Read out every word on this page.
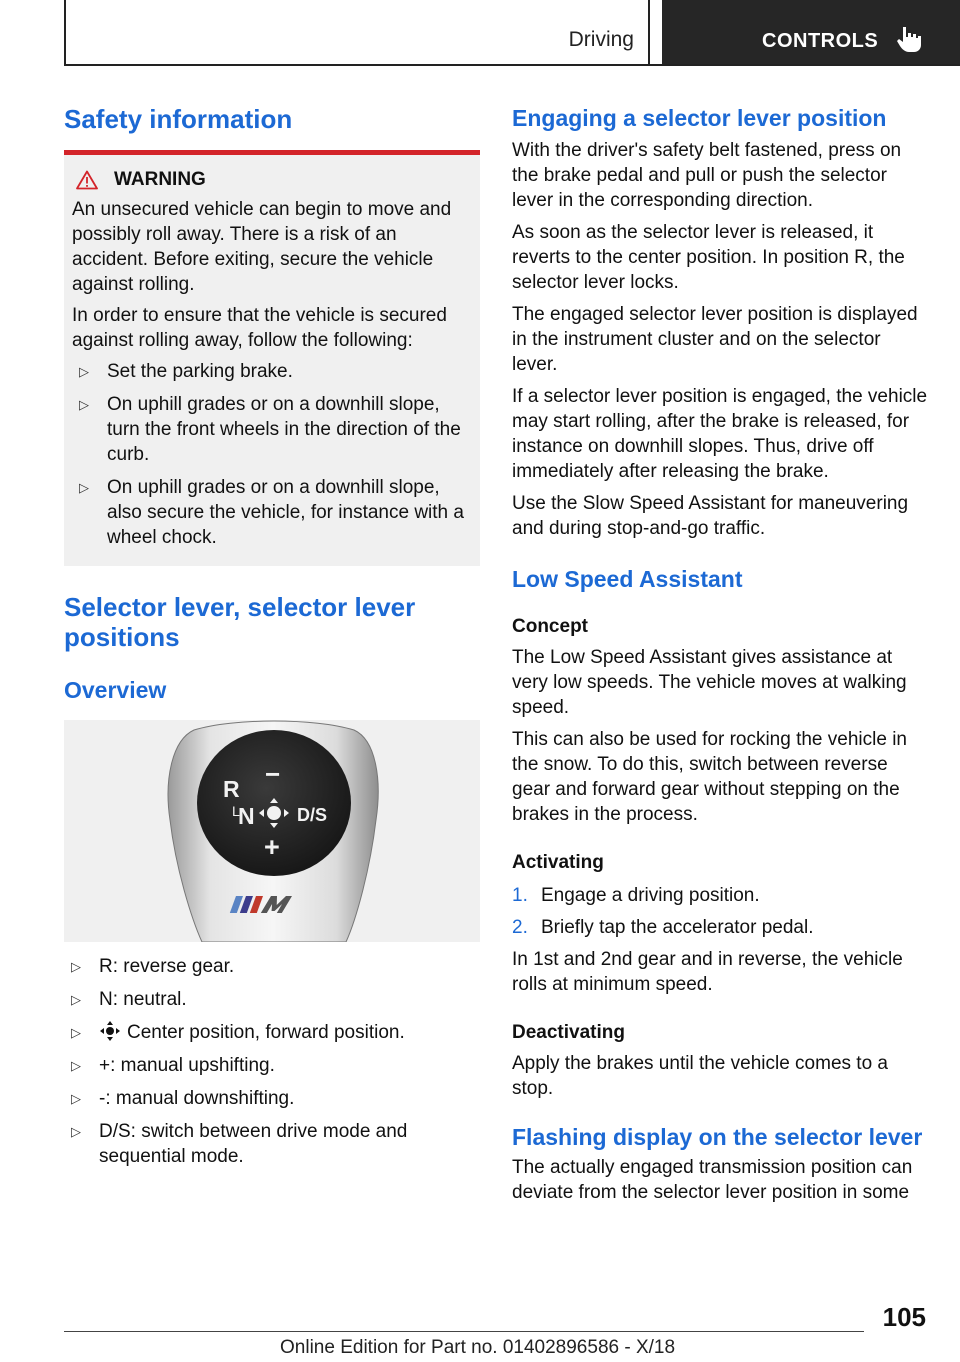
Driving	CONTROLS
Safety information
WARNING

An unsecured vehicle can begin to move and possibly roll away. There is a risk of an accident. Before exiting, secure the vehicle against rolling.

In order to ensure that the vehicle is secured against rolling away, follow the following:

▷ Set the parking brake.
▷ On uphill grades or on a downhill slope, turn the front wheels in the direction of the curb.
▷ On uphill grades or on a downhill slope, also secure the vehicle, for instance with a wheel chock.
Selector lever, selector lever positions
Overview
R −
L
N D/S
+
▷ R: reverse gear.
▷ N: neutral.
▷ Center position, forward position.
▷ +: manual upshifting.
▷ -: manual downshifting.
▷ D/S: switch between drive mode and sequential mode.
Engaging a selector lever position

With the driver's safety belt fastened, press on the brake pedal and pull or push the selector lever in the corresponding direction.

As soon as the selector lever is released, it reverts to the center position. In position R, the selector lever locks.

The engaged selector lever position is displayed in the instrument cluster and on the selector lever.

If a selector lever position is engaged, the vehicle may start rolling, after the brake is released, for instance on downhill slopes. Thus, drive off immediately after releasing the brake.

Use the Slow Speed Assistant for maneuvering and during stop-and-go traffic.

Low Speed Assistant
Concept

The Low Speed Assistant gives assistance at very low speeds. The vehicle moves at walking speed.

This can also be used for rocking the vehicle in the snow. To do this, switch between reverse gear and forward gear without stepping on the brakes in the process.

Activating
1. Engage a driving position.
2. Briefly tap the accelerator pedal.

In 1st and 2nd gear and in reverse, the vehicle rolls at minimum speed.

Deactivating

Apply the brakes until the vehicle comes to a stop.

Flashing display on the selector lever

The actually engaged transmission position can deviate from the selector lever position in some

105
Online Edition for Part no. 01402896586 - X/18
